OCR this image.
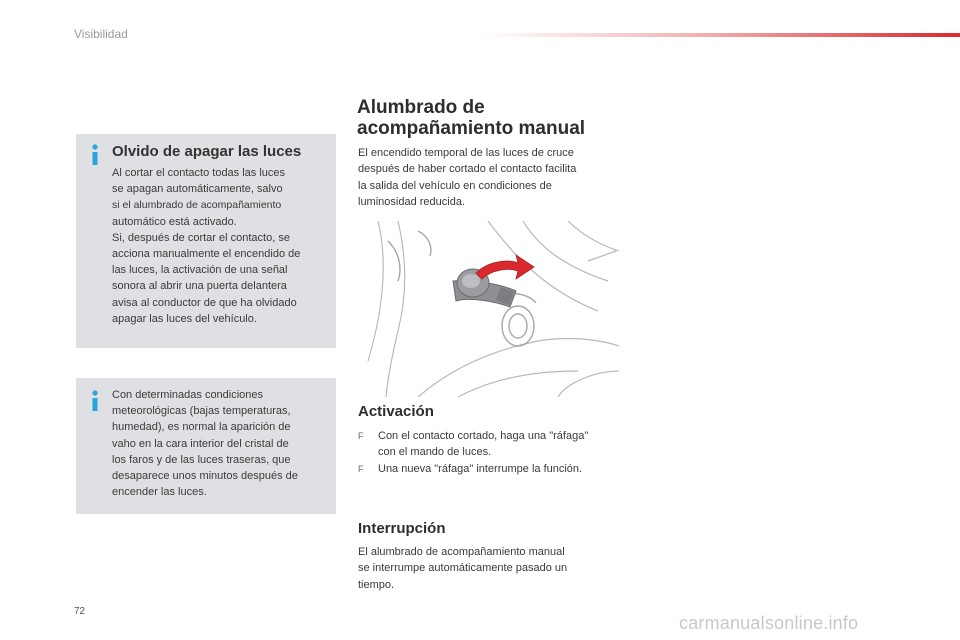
Visibilidad
Olvido de apagar las luces
Al cortar el contacto todas las luces
se apagan automáticamente, salvo
si el alumbrado de acompañamiento
automático está activado.
Si, después de cortar el contacto, se
acciona manualmente el encendido de
las luces, la activación de una señal
sonora al abrir una puerta delantera
avisa al conductor de que ha olvidado
apagar las luces del vehículo.
Con determinadas condiciones
meteorológicas (bajas temperaturas,
humedad), es normal la aparición de
vaho en la cara interior del cristal de
los faros y de las luces traseras, que
desaparece unos minutos después de
encender las luces.
Alumbrado de
acompañamiento manual
El encendido temporal de las luces de cruce
después de haber cortado el contacto facilita
la salida del vehículo en condiciones de
luminosidad reducida.
Activación
F Con el contacto cortado, haga una "ráfaga"
con el mando de luces.
F Una nueva "ráfaga" interrumpe la función.
Interrupción
El alumbrado de acompañamiento manual
se interrumpe automáticamente pasado un
tiempo.
72
carmanualsonline.info
